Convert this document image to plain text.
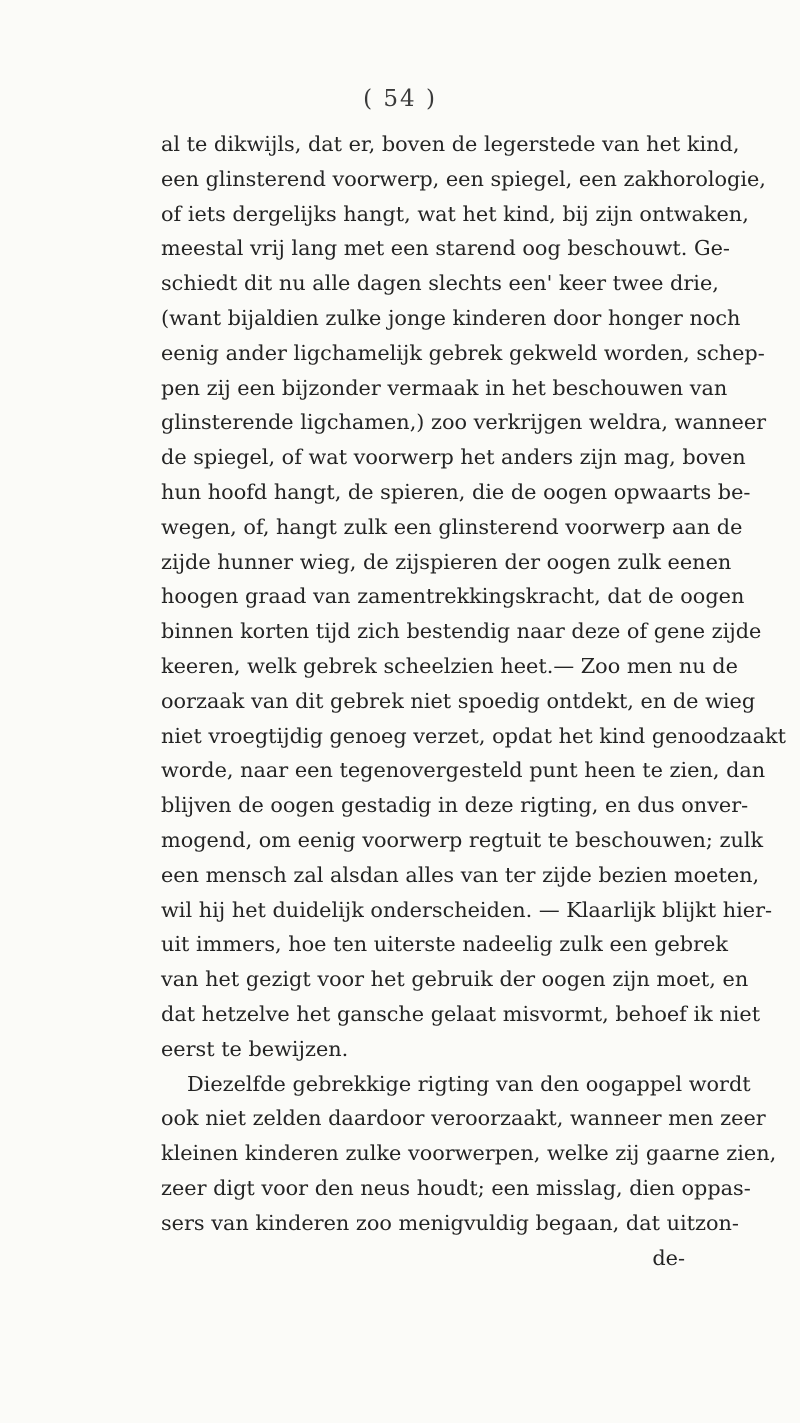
( 54 )
al te dikwijls, dat er, boven de legerstede van het kind,
een glinsterend voorwerp, een spiegel, een zakhorologie,
of iets dergelijks hangt, wat het kind, bij zijn ontwaken,
meestal vrij lang met een starend oog beschouwt. Ge-
schiedt dit nu alle dagen slechts een' keer twee drie,
(want bijaldien zulke jonge kinderen door honger noch
eenig ander ligchamelijk gebrek gekweld worden, schep-
pen zij een bijzonder vermaak in het beschouwen van
glinsterende ligchamen,) zoo verkrijgen weldra, wanneer
de spiegel, of wat voorwerp het anders zijn mag, boven
hun hoofd hangt, de spieren, die de oogen opwaarts be-
wegen, of, hangt zulk een glinsterend voorwerp aan de
zijde hunner wieg, de zijspieren der oogen zulk eenen
hoogen graad van zamentrekkingskracht, dat de oogen
binnen korten tijd zich bestendig naar deze of gene zijde
keeren, welk gebrek scheelzien heet.— Zoo men nu de
oorzaak van dit gebrek niet spoedig ontdekt, en de wieg
niet vroegtijdig genoeg verzet, opdat het kind genoodzaakt
worde, naar een tegenovergesteld punt heen te zien, dan
blijven de oogen gestadig in deze rigting, en dus onver-
mogend, om eenig voorwerp regtuit te beschouwen; zulk
een mensch zal alsdan alles van ter zijde bezien moeten,
wil hij het duidelijk onderscheiden. — Klaarlijk blijkt hier-
uit immers, hoe ten uiterste nadeelig zulk een gebrek
van het gezigt voor het gebruik der oogen zijn moet, en
dat hetzelve het gansche gelaat misvormt, behoef ik niet
eerst te bewijzen.
Diezelfde gebrekkige rigting van den oogappel wordt
ook niet zelden daardoor veroorzaakt, wanneer men zeer
kleinen kinderen zulke voorwerpen, welke zij gaarne zien,
zeer digt voor den neus houdt; een misslag, dien oppas-
sers van kinderen zoo menigvuldig begaan, dat uitzon-
de-
